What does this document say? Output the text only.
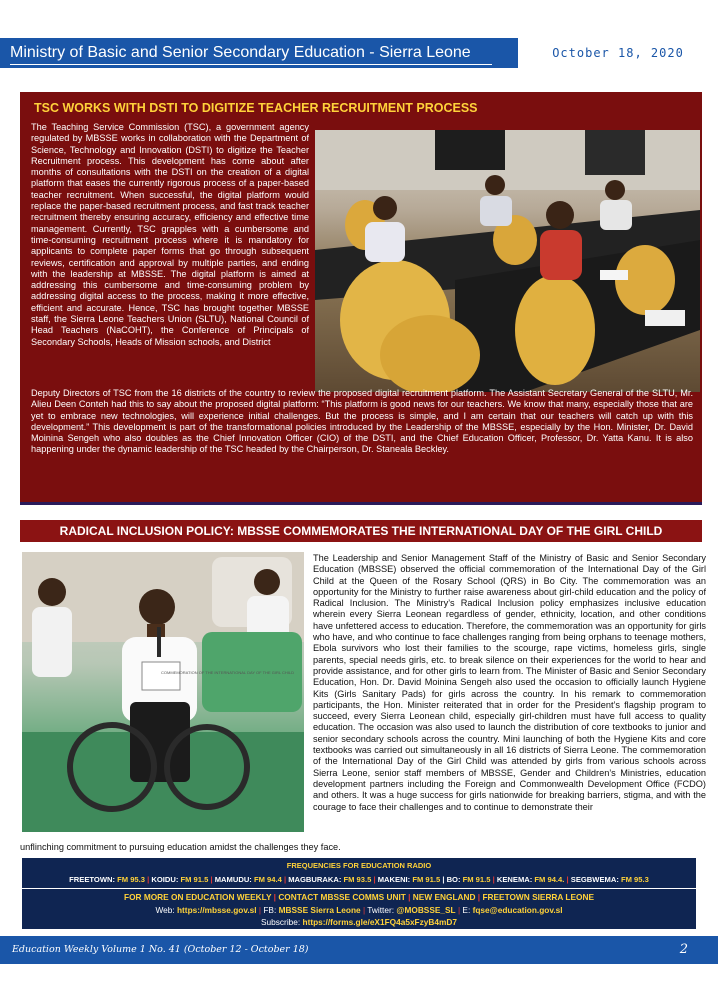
Ministry of Basic and Senior Secondary Education - Sierra Leone	October 18, 2020
TSC WORKS WITH DSTI TO DIGITIZE TEACHER RECRUITMENT PROCESS
The Teaching Service Commission (TSC), a government agency regulated by MBSSE works in collaboration with the Department of Science, Technology and Innovation (DSTI) to digitize the Teacher Recruitment process. This development has come about after months of consultations with the DSTI on the creation of a digital platform that eases the currently rigorous process of a paper-based teacher recruitment. When successful, the digital platform would replace the paper-based recruitment process, and fast track teacher recruitment thereby ensuring accuracy, efficiency and effective time management. Currently, TSC grapples with a cumbersome and time-consuming recruitment process where it is mandatory for applicants to complete paper forms that go through subsequent reviews, certification and approval by multiple parties, and ending with the leadership at MBSSE. The digital platform is aimed at addressing this cumbersome and time-consuming problem by addressing digital access to the process, making it more effective, efficient and accurate. Hence, TSC has brought together MBSSE staff, the Sierra Leone Teachers Union (SLTU), National Council of Head Teachers (NaCOHT), the Conference of Principals of Secondary Schools, Heads of Mission schools, and District
Deputy Directors of TSC from the 16 districts of the country to review the proposed digital recruitment platform. The Assistant Secretary General of the SLTU, Mr. Alieu Deen Conteh had this to say about the proposed digital platform: “This platform is good news for our teachers. We know that many, especially those that are yet to embrace new technologies, will experience initial challenges. But the process is simple, and I am certain that our teachers will catch up with this development.” This development is part of the transformational policies introduced by the Leadership of the MBSSE, especially by the Hon. Minister, Dr. David Moinina Sengeh who also doubles as the Chief Innovation Officer (CIO) of the DSTI, and the Chief Education Officer, Professor, Dr. Yatta Kanu. It is also happening under the dynamic leadership of the TSC headed by the Chairperson, Dr. Staneala Beckley.
RADICAL INCLUSION POLICY: MBSSE COMMEMORATES THE INTERNATIONAL DAY OF THE GIRL CHILD
COMMEMORATION OF THE INTERNATIONAL DAY OF THE GIRL CHILD
The Leadership and Senior Management Staff of the Ministry of Basic and Senior Secondary Education (MBSSE) observed the official commemoration of the International Day of the Girl Child at the Queen of the Rosary School (QRS) in Bo City. The commemoration was an opportunity for the Ministry to further raise awareness about girl-child education and the policy of Radical Inclusion. The Ministry’s Radical Inclusion policy emphasizes inclusive education wherein every Sierra Leonean regardless of gender, ethnicity, location, and other conditions have unfettered access to education. Therefore, the commemoration was an opportunity for girls who have, and who continue to face challenges ranging from being orphans to teenage mothers, Ebola survivors who lost their families to the scourge, rape victims, homeless girls, single parents, special needs girls, etc. to break silence on their experiences for the world to hear and provide assistance, and for other girls to learn from. The Minister of Basic and Senior Secondary Education, Hon. Dr. David Moinina Sengeh also used the occasion to officially launch Hygiene Kits (Girls Sanitary Pads) for girls across the country. In his remark to commemoration participants, the Hon. Minister reiterated that in order for the President’s flagship program to succeed, every Sierra Leonean child, especially girl-children must have full access to quality education. The occasion was also used to launch the distribution of core textbooks to junior and senior secondary schools across the country. Mini launching of both the Hygiene Kits and core textbooks was carried out simultaneously in all 16 districts of Sierra Leone. The commemoration of the International Day of the Girl Child was attended by girls from various schools across Sierra Leone, senior staff members of MBSSE, Gender and Children’s Ministries, education development partners including the Foreign and Commonwealth Development Office (FCDO) and others. It was a huge success for girls nationwide for breaking barriers, stigma, and with the courage to face their challenges and to continue to demonstrate their
unflinching commitment to pursuing education amidst the challenges they face.
FREQUENCIES FOR EDUCATION RADIO
FREETOWN: FM 95.3 | KOIDU: FM 91.5 | MAMUDU: FM 94.4 | MAGBURAKA: FM 93.5 | MAKENI: FM 91.5 | BO: FM 91.5 | KENEMA: FM 94.4. | SEGBWEMA: FM 95.3
FOR MORE ON EDUCATION WEEKLY | CONTACT MBSSE COMMS UNIT | NEW ENGLAND | FREETOWN SIERRA LEONE
Web: https://mbsse.gov.sl | FB: MBSSE Sierra Leone | Twitter: @MOBSSE_SL | E: fqse@education.gov.sl
Subscribe: https://forms.gle/eX1FQ4a5xFzyB4mD7
Education Weekly Volume 1 No. 41 (October 12 - October 18)	2
